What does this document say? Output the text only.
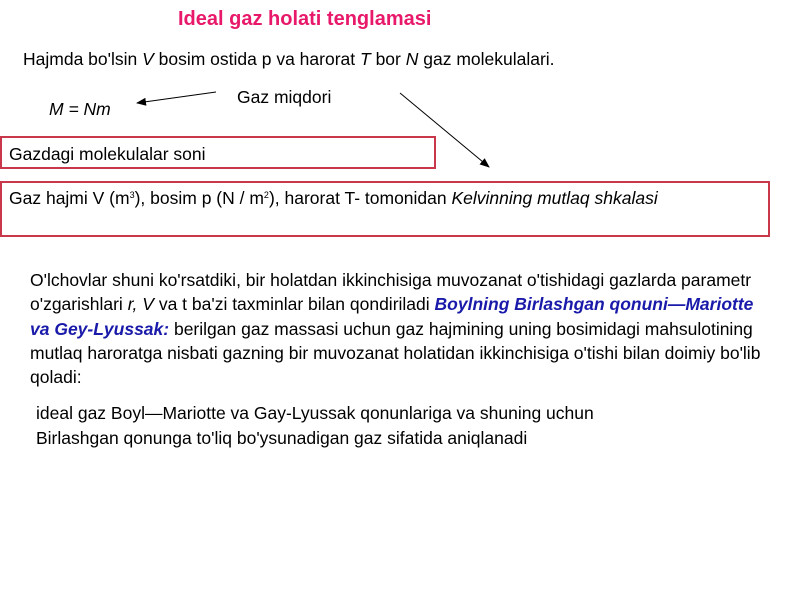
Ideal gaz holati tenglamasi
Hajmda bo'lsin V bosim ostida p va harorat T bor N gaz molekulalari.
M = Nm
Gaz miqdori
Gazdagi molekulalar soni
Gaz hajmi V $(m^3)$, bosim p $(N / m^2)$, harorat T- tomonidan Kelvinning mutlaq shkalasi
O'lchovlar shuni ko'rsatdiki, bir holatdan ikkinchisiga muvozanat o'tishidagi gazlarda parametr o'zgarishlari r, V va t ba'zi taxminlar bilan qondiriladi Boylning Birlashgan qonuni—Mariotte va Gey-Lyussak: berilgan gaz massasi uchun gaz hajmining uning bosimidagi mahsulotining mutlaq haroratga nisbati gazning bir muvozanat holatidan ikkinchisiga o'tishi bilan doimiy bo'lib qoladi:
ideal gaz Boyl—Mariotte va Gay-Lyussak qonunlariga va shuning uchun
Birlashgan qonunga to'liq bo'ysunadigan gaz sifatida aniqlanadi
